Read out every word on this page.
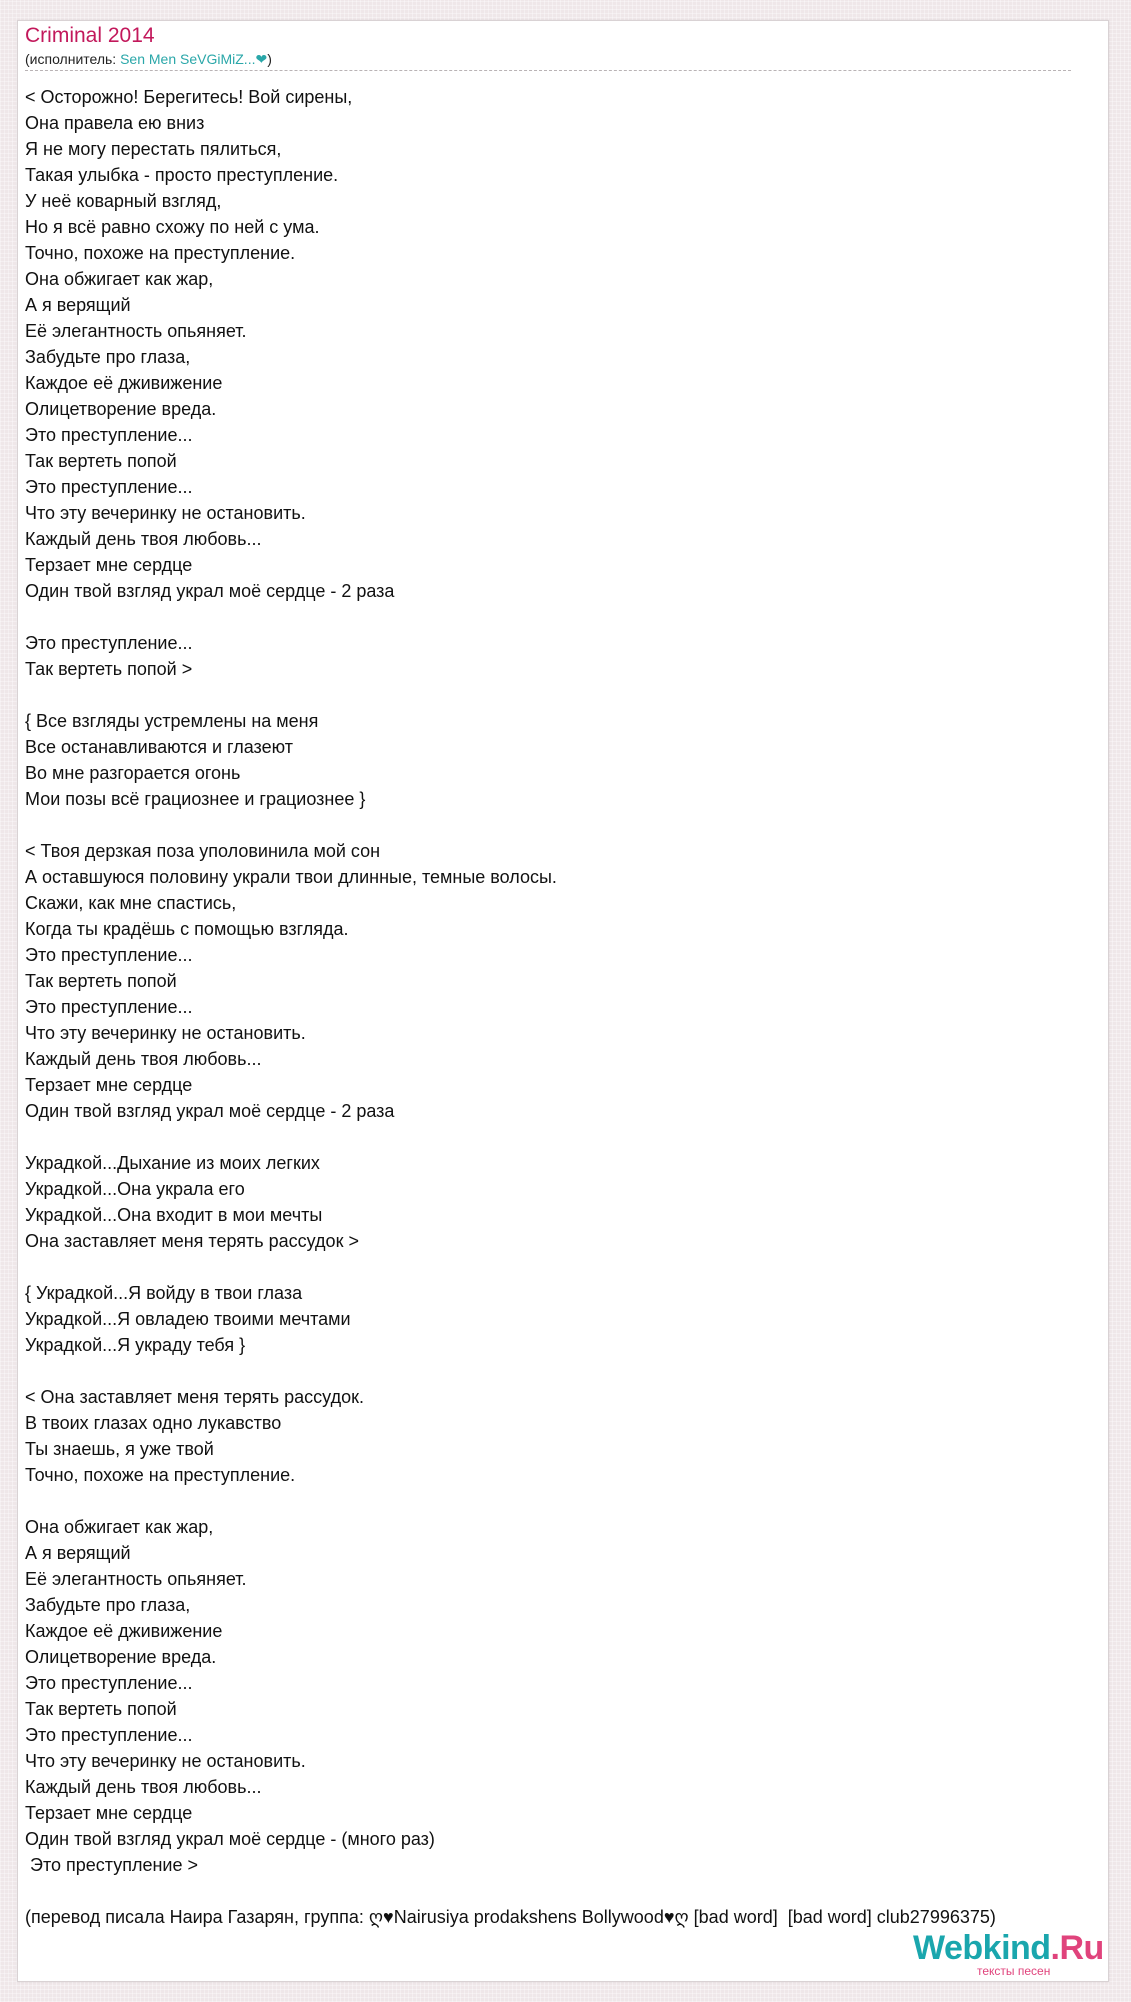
Criminal 2014
(исполнитель: Sen Men SeVGiMiZ...❤)
< Осторожно! Берегитесь! Вой сирены,
Она правела ею вниз
Я не могу перестать пялиться,
Такая улыбка - просто преступление.
У неё коварный взгляд,
Но я всё равно схожу по ней с ума.
Точно, похоже на преступление.
Она обжигает как жар,
А я верящий
Её элегантность опьяняет.
Забудьте про глаза,
Каждое её дживижение
Олицетворение вреда.
Это преступление...
Так вертеть попой
Это преступление...
Что эту вечеринку не остановить.
Каждый день твоя любовь...
Терзает мне сердце
Один твой взгляд украл моё сердце - 2 раза
Это преступление...
Так вертеть попой >
{ Все взгляды устремлены на меня
Все останавливаются и глазеют
Во мне разгорается огонь
Мои позы всё грациознее и грациознее }
< Твоя дерзкая поза уполовинила мой сон
А оставшуюся половину украли твои длинные, темные волосы.
Скажи, как мне спастись,
Когда ты крадёшь с помощью взгляда.
Это преступление...
Так вертеть попой
Это преступление...
Что эту вечеринку не остановить.
Каждый день твоя любовь...
Терзает мне сердце
Один твой взгляд украл моё сердце - 2 раза
Украдкой...Дыхание из моих легких
Украдкой...Она украла его
Украдкой...Она входит в мои мечты
Она заставляет меня терять рассудок >
{ Украдкой...Я войду в твои глаза
Украдкой...Я овладею твоими мечтами
Украдкой...Я украду тебя }
< Она заставляет меня терять рассудок.
В твоих глазах одно лукавство
Ты знаешь, я уже твой
Точно, похоже на преступление.
Она обжигает как жар,
А я верящий
Её элегантность опьяняет.
Забудьте про глаза,
Каждое её дживижение
Олицетворение вреда.
Это преступление...
Так вертеть попой
Это преступление...
Что эту вечеринку не остановить.
Каждый день твоя любовь...
Терзает мне сердце
Один твой взгляд украл моё сердце - (много раз)
Это преступление >
(перевод писала Наира Газарян, группа: ღ♥Nairusiya prodakshens Bollywood♥ღ [bad word]  [bad word] club27996375)
Webkind.Ru
тексты песен
